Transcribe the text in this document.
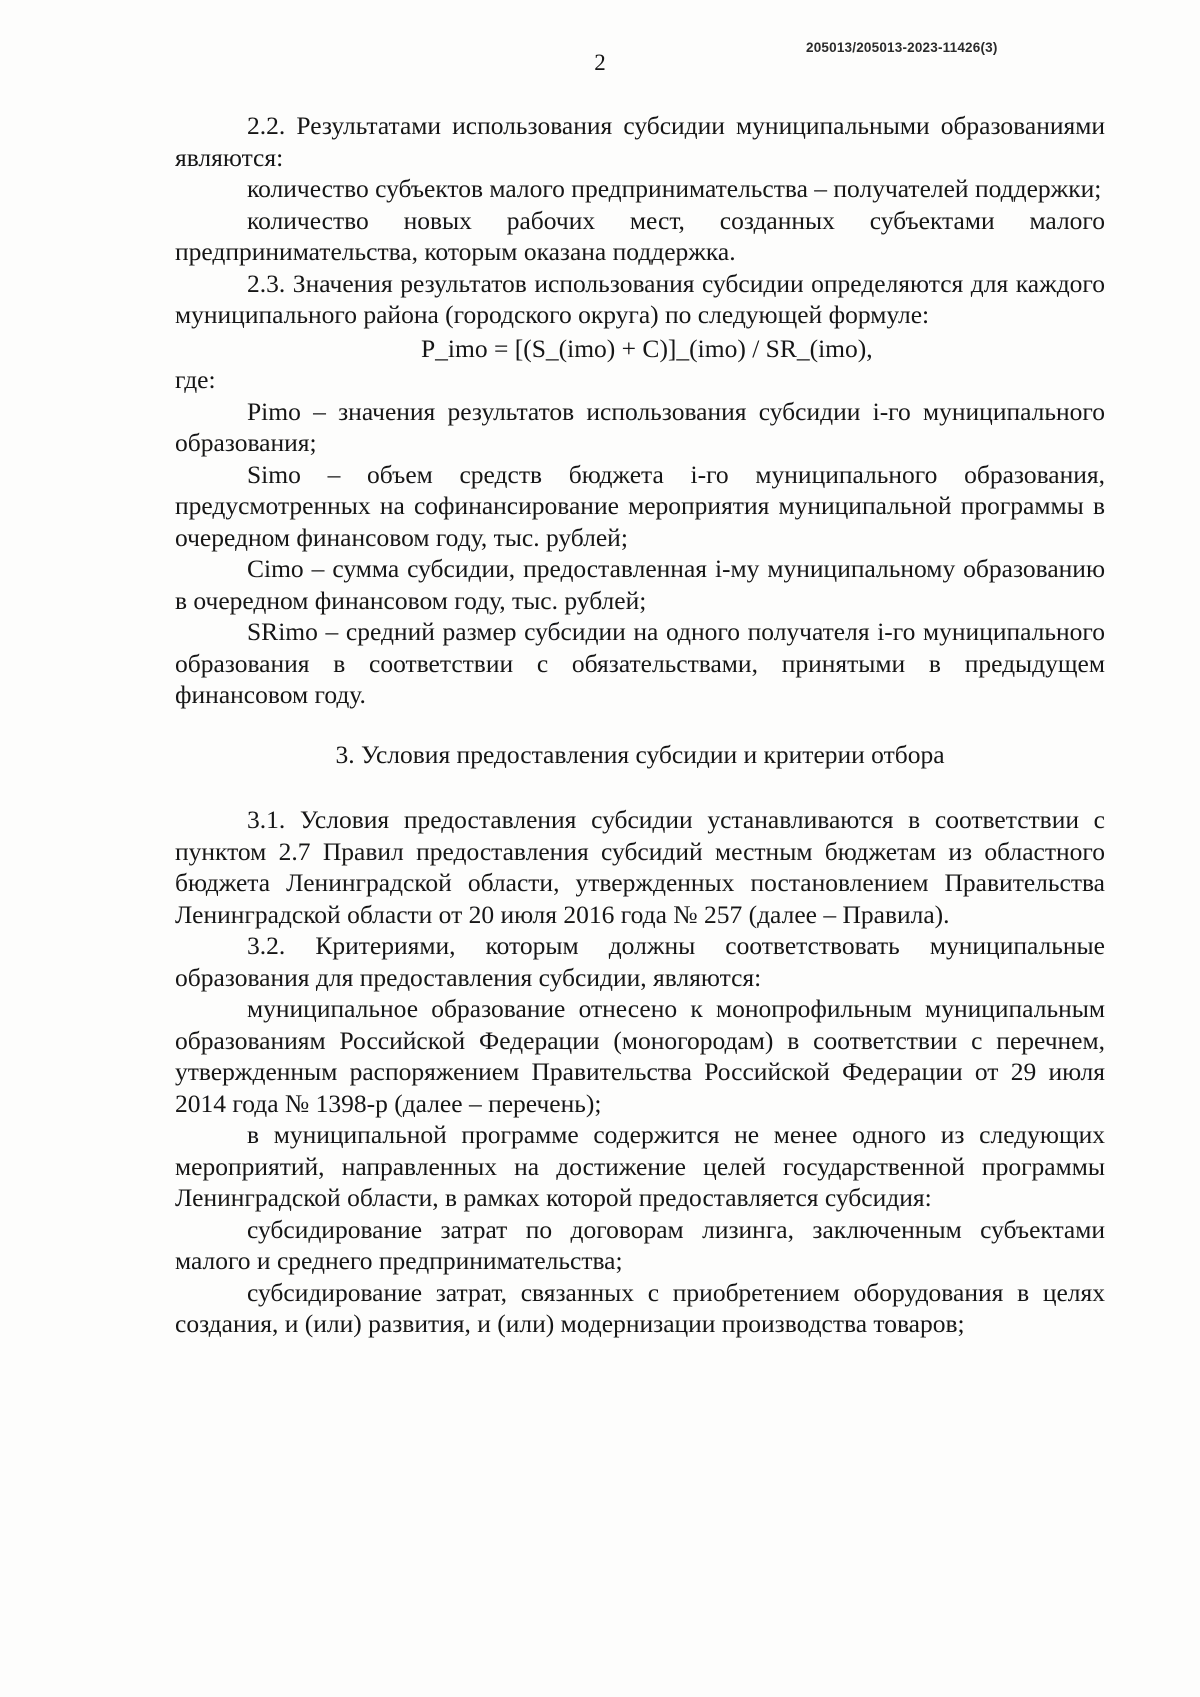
205013/205013-2023-11426(3)
2

2.2. Результатами использования субсидии муниципальными образованиями являются:

количество субъектов малого предпринимательства – получателей поддержки;

количество новых рабочих мест, созданных субъектами малого предпринимательства, которым оказана поддержка.

2.3. Значения результатов использования субсидии определяются для каждого муниципального района (городского округа) по следующей формуле:

P_imo = [(S_(imo) + C)]_(imo) / SR_(imo),

где:

Pimo – значения результатов использования субсидии i-го муниципального образования;

Simo – объем средств бюджета i-го муниципального образования, предусмотренных на софинансирование мероприятия муниципальной программы в очередном финансовом году, тыс. рублей;

Cimo – сумма субсидии, предоставленная i-му муниципальному образованию в очередном финансовом году, тыс. рублей;

SRimo – средний размер субсидии на одного получателя i-го муниципального образования в соответствии с обязательствами, принятыми в предыдущем финансовом году.

3. Условия предоставления субсидии и критерии отбора

3.1. Условия предоставления субсидии устанавливаются в соответствии с пунктом 2.7 Правил предоставления субсидий местным бюджетам из областного бюджета Ленинградской области, утвержденных постановлением Правительства Ленинградской области от 20 июля 2016 года № 257 (далее – Правила).

3.2. Критериями, которым должны соответствовать муниципальные образования для предоставления субсидии, являются:

муниципальное образование отнесено к монопрофильным муниципальным образованиям Российской Федерации (моногородам) в соответствии с перечнем, утвержденным распоряжением Правительства Российской Федерации от 29 июля 2014 года № 1398-р (далее – перечень);

в муниципальной программе содержится не менее одного из следующих мероприятий, направленных на достижение целей государственной программы Ленинградской области, в рамках которой предоставляется субсидия:

субсидирование затрат по договорам лизинга, заключенным субъектами малого и среднего предпринимательства;

субсидирование затрат, связанных с приобретением оборудования в целях создания, и (или) развития, и (или) модернизации производства товаров;
